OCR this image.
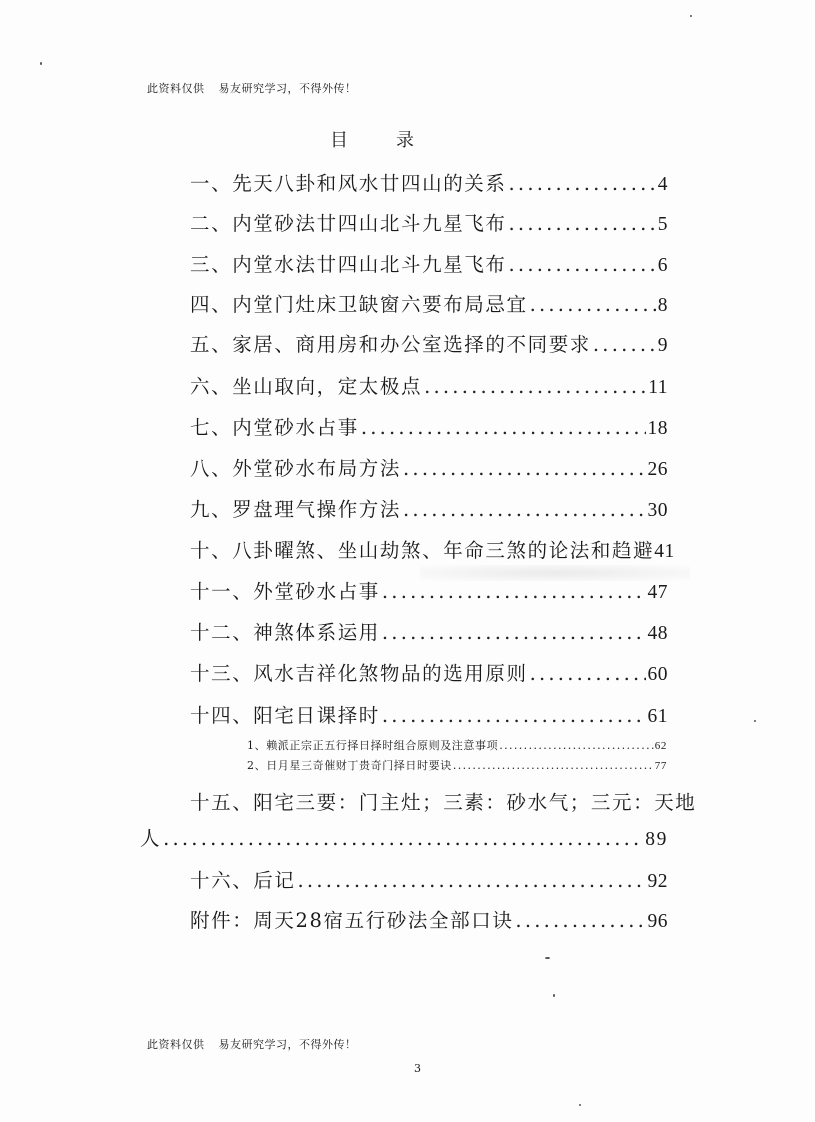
此资料仅供 易友研究学习，不得外传！
目	录
一、先天八卦和风水廿四山的关系 .....	4
二、内堂砂法廿四山北斗九星飞布 .....	5
三、内堂水法廿四山北斗九星飞布 .....	6
四、内堂门灶床卫缺窗六要布局忌宜 .....	8
五、家居、商用房和办公室选择的不同要求 .....	9
六、坐山取向，定太极点 .....	11
七、内堂砂水占事 .....	18
八、外堂砂水布局方法 .....	26
九、罗盘理气操作方法 .....	30
十、八卦曜煞、坐山劫煞、年命三煞的论法和趋避 41
十一、外堂砂水占事 .....	47
十二、神煞体系运用 .....	48
十三、风水吉祥化煞物品的选用原则 .....	60
十四、阳宅日课择时 .....	61
1、赖派正宗正五行择日择时组合原则及注意事项 .....	62
2、日月星三奇催财丁贵奇门择日时要诀 .....	77
十五、阳宅三要：门主灶；三素：砂水气；三元：天地
人 .....	89
十六、后记 .....	92
附件：周天28宿五行砂法全部口诀 .....	96
此资料仅供 易友研究学习，不得外传！
3
